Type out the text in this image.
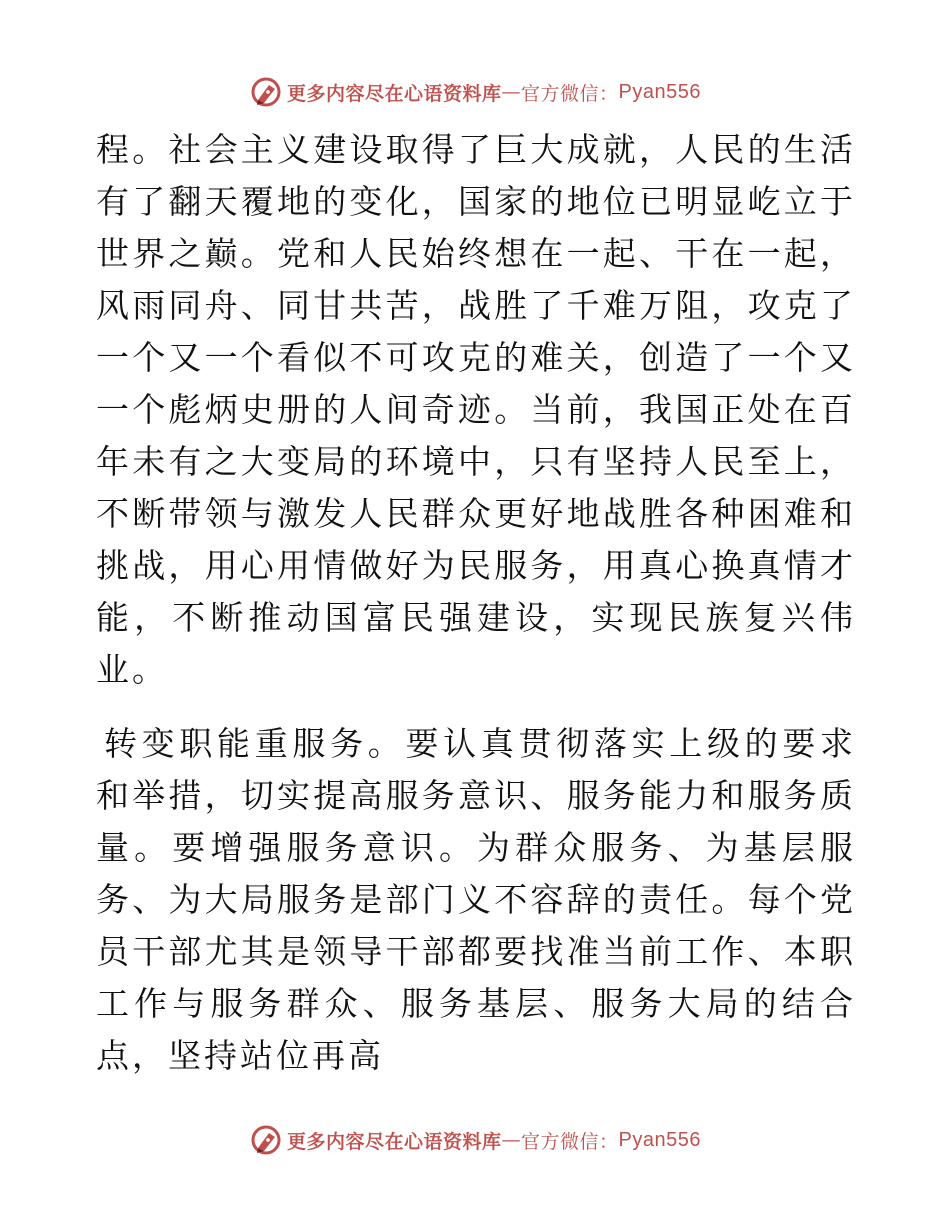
更多内容尽在心语资料库 — 官方微信： Pyan556

程。社会主义建设取得了巨大成就，人民的生活有了翻天覆地的变化，国家的地位已明显屹立于世界之巅。党和人民始终想在一起、干在一起，风雨同舟、同甘共苦，战胜了千难万阻，攻克了一个又一个看似不可攻克的难关，创造了一个又一个彪炳史册的人间奇迹。当前，我国正处在百年未有之大变局的环境中，只有坚持人民至上，不断带领与激发人民群众更好地战胜各种困难和挑战，用心用情做好为民服务，用真心换真情才能，不断推动国富民强建设，实现民族复兴伟业。

转变职能重服务。要认真贯彻落实上级的要求和举措，切实提高服务意识、服务能力和服务质量。要增强服务意识。为群众服务、为基层服务、为大局服务是部门义不容辞的责任。每个党员干部尤其是领导干部都要找准当前工作、本职工作与服务群众、服务基层、服务大局的结合点，坚持站位再高

更多内容尽在心语资料库 — 官方微信： Pyan556
